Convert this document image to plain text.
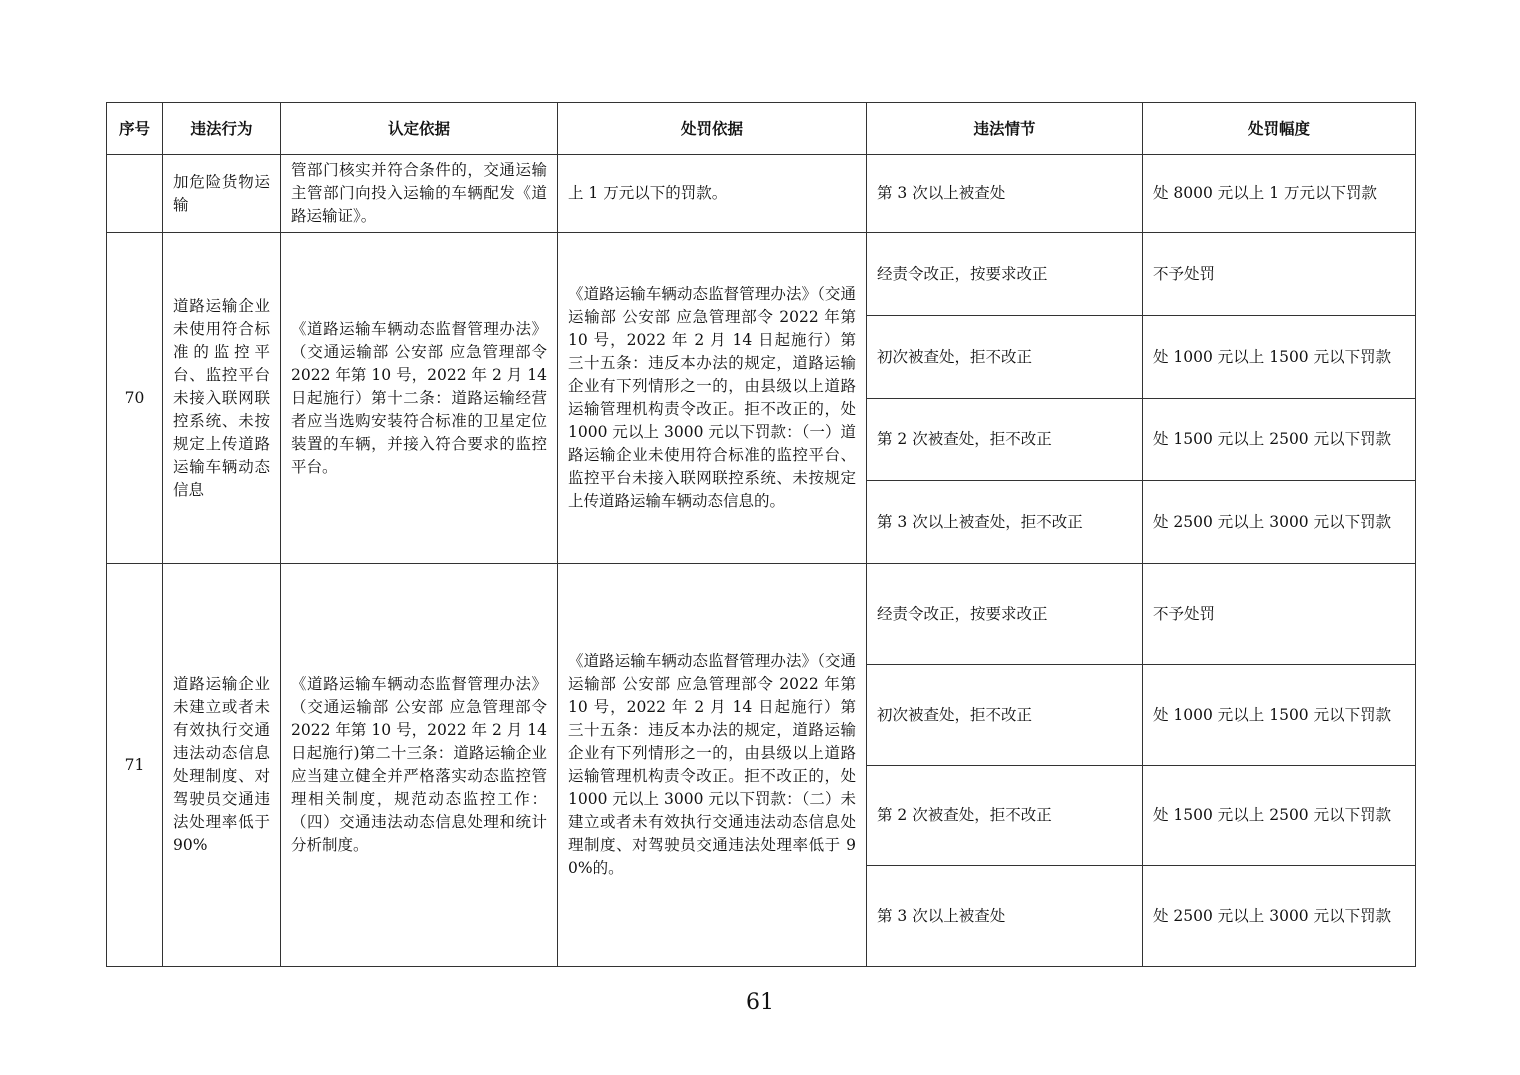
序号	违法行为	认定依据	处罚依据	违法情节	处罚幅度
	加危险货物运输	管部门核实并符合条件的，交通运输主管部门向投入运输的车辆配发《道路运输证》。	上 1 万元以下的罚款。	第 3 次以上被查处	处 8000 元以上 1 万元以下罚款
70	道路运输企业未使用符合标准的监控平台、监控平台未接入联网联控系统、未按规定上传道路运输车辆动态信息	《道路运输车辆动态监督管理办法》（交通运输部 公安部 应急管理部令 2022 年第 10 号，2022 年 2 月 14 日起施行）第十二条：道路运输经营者应当选购安装符合标准的卫星定位装置的车辆，并接入符合要求的监控平台。	《道路运输车辆动态监督管理办法》（交通运输部 公安部 应急管理部令 2022 年第 10 号，2022 年 2 月 14 日起施行）第三十五条：违反本办法的规定，道路运输企业有下列情形之一的，由县级以上道路运输管理机构责令改正。拒不改正的，处 1000 元以上 3000 元以下罚款：（一）道路运输企业未使用符合标准的监控平台、监控平台未接入联网联控系统、未按规定上传道路运输车辆动态信息的。	经责令改正，按要求改正	不予处罚
				初次被查处，拒不改正	处 1000 元以上 1500 元以下罚款
				第 2 次被查处，拒不改正	处 1500 元以上 2500 元以下罚款
				第 3 次以上被查处，拒不改正	处 2500 元以上 3000 元以下罚款
71	道路运输企业未建立或者未有效执行交通违法动态信息处理制度、对驾驶员交通违法处理率低于 90%	《道路运输车辆动态监督管理办法》（交通运输部 公安部 应急管理部令 2022 年第 10 号，2022 年 2 月 14 日起施行)第二十三条：道路运输企业应当建立健全并严格落实动态监控管理相关制度，规范动态监控工作：（四）交通违法动态信息处理和统计分析制度。	《道路运输车辆动态监督管理办法》（交通运输部 公安部 应急管理部令 2022 年第 10 号，2022 年 2 月 14 日起施行）第三十五条：违反本办法的规定，道路运输企业有下列情形之一的，由县级以上道路运输管理机构责令改正。拒不改正的，处 1000 元以上 3000 元以下罚款：（二）未建立或者未有效执行交通违法动态信息处理制度、对驾驶员交通违法处理率低于 90%的。	经责令改正，按要求改正	不予处罚
				初次被查处，拒不改正	处 1000 元以上 1500 元以下罚款
				第 2 次被查处，拒不改正	处 1500 元以上 2500 元以下罚款
				第 3 次以上被查处	处 2500 元以上 3000 元以下罚款
61
